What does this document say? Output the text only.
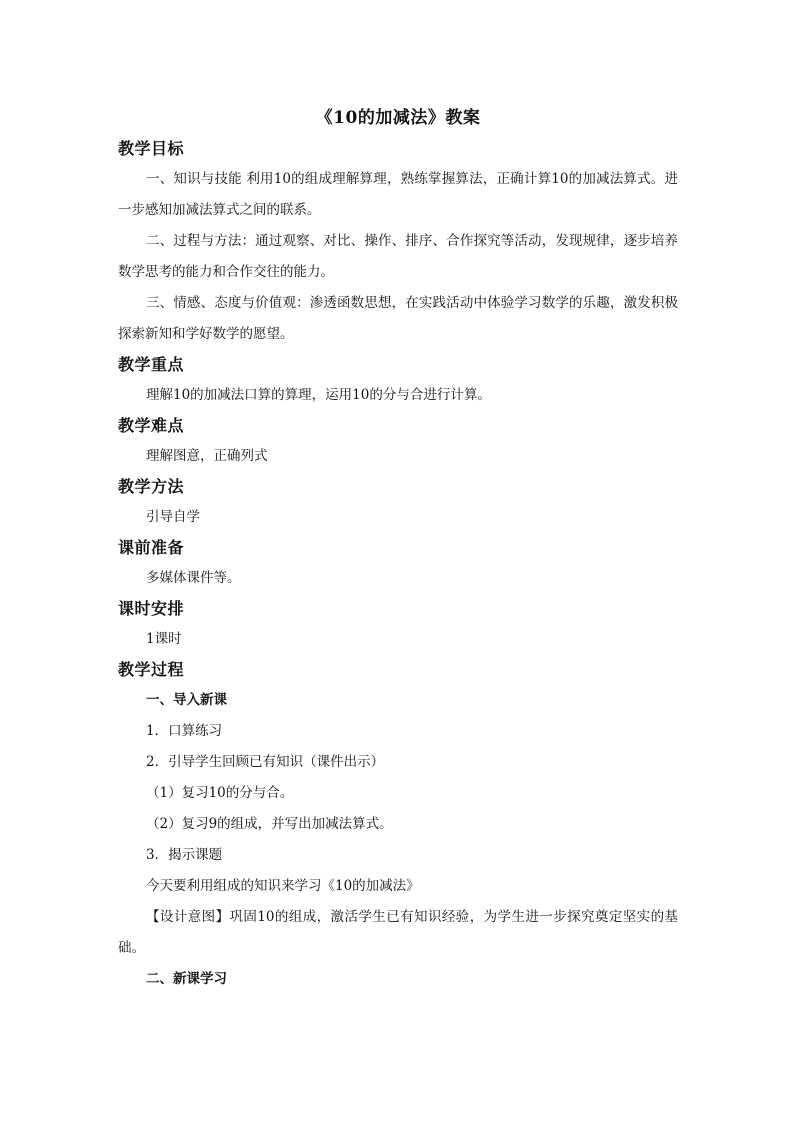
《10的加减法》教案
教学目标

一、知识与技能 利用10的组成理解算理，熟练掌握算法，正确计算10的加减法算式。进一步感知加减法算式之间的联系。

二、过程与方法：通过观察、对比、操作、排序、合作探究等活动，发现规律，逐步培养数学思考的能力和合作交往的能力。

三、情感、态度与价值观：渗透函数思想，在实践活动中体验学习数学的乐趣，激发积极探索新知和学好数学的愿望。

教学重点

理解10的加减法口算的算理，运用10的分与合进行计算。

教学难点

理解图意，正确列式

教学方法

引导自学

课前准备

多媒体课件等。

课时安排

1课时

教学过程

一、导入新课

1．口算练习

2．引导学生回顾已有知识（课件出示）

（1）复习10的分与合。

（2）复习9的组成，并写出加减法算式。

3．揭示课题

今天要利用组成的知识来学习《10的加减法》

【设计意图】巩固10的组成，激活学生已有知识经验，为学生进一步探究奠定坚实的基础。

二、新课学习
